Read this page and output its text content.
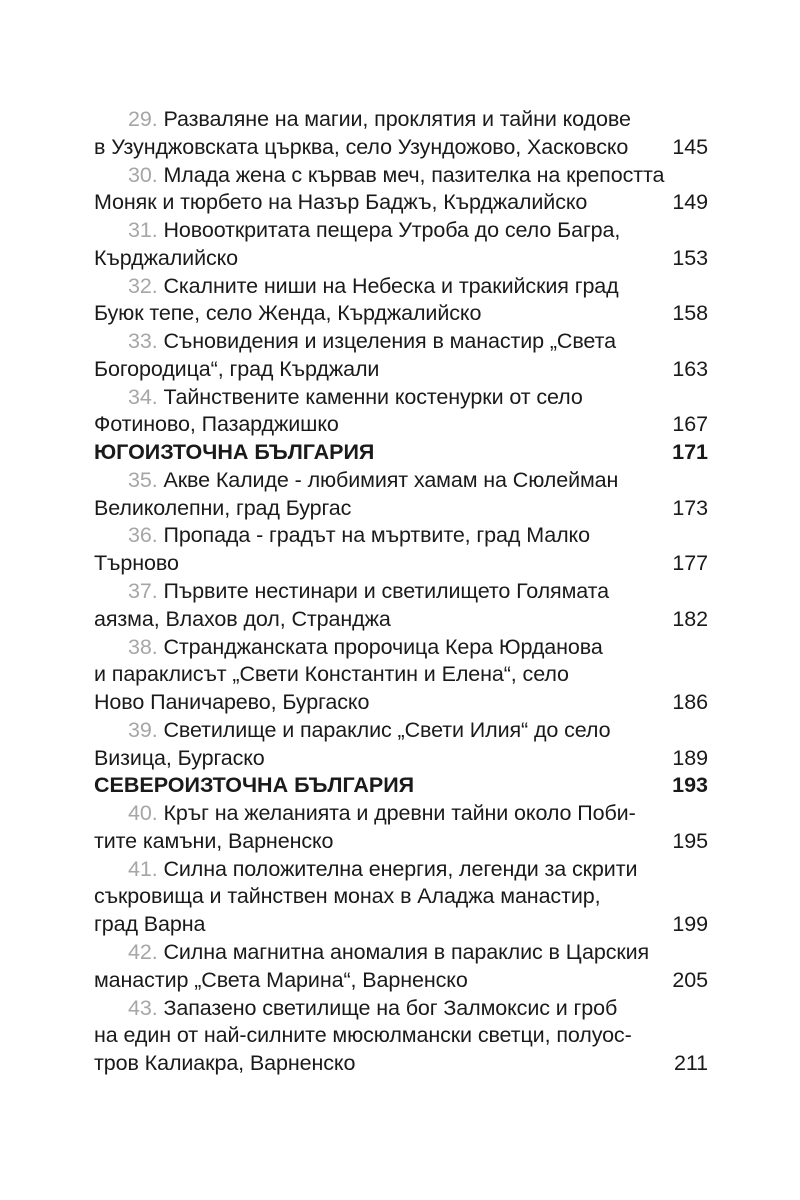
29. Разваляне на магии, проклятия и тайни кодове
в Узунджовската църква, село Узундожово, Хасковско	145
30. Млада жена с кървав меч, пазителка на крепостта
Моняк и тюрбето на Назър Баджъ, Кърджалийско	149
31. Новооткритата пещера Утроба до село Багра,
Кърджалийско	153
32. Скалните ниши на Небеска и тракийския град
Буюк тепе, село Женда, Кърджалийско	158
33. Съновидения и изцеления в манастир „Света
Богородица“, град Кърджали	163
34. Тайнствените каменни костенурки от село
Фотиново, Пазарджишко	167
ЮГОИЗТОЧНА БЪЛГАРИЯ	171
35. Акве Калиде - любимият хамам на Сюлейман
Великолепни, град Бургас	173
36. Пропада - градът на мъртвите, град Малко
Търново	177
37. Първите нестинари и светилището Голямата
аязма, Влахов дол, Странджа	182
38. Странджанската пророчица Кера Юрданова
и параклисът „Свети Константин и Елена“, село
Ново Паничарево, Бургаско	186
39. Светилище и параклис „Свети Илия“ до село
Визица, Бургаско	189
СЕВЕРОИЗТОЧНА БЪЛГАРИЯ	193
40. Кръг на желанията и древни тайни около Поби-
тите камъни, Варненско	195
41. Силна положителна енергия, легенди за скрити
съкровища и тайнствен монах в Аладжа манастир,
град Варна	199
42. Силна магнитна аномалия в параклис в Царския
манастир „Света Марина“, Варненско	205
43. Запазено светилище на бог Залмоксис и гроб
на един от най-силните мюсюлмански светци, полуос-
тров Калиакра, Варненско	211
